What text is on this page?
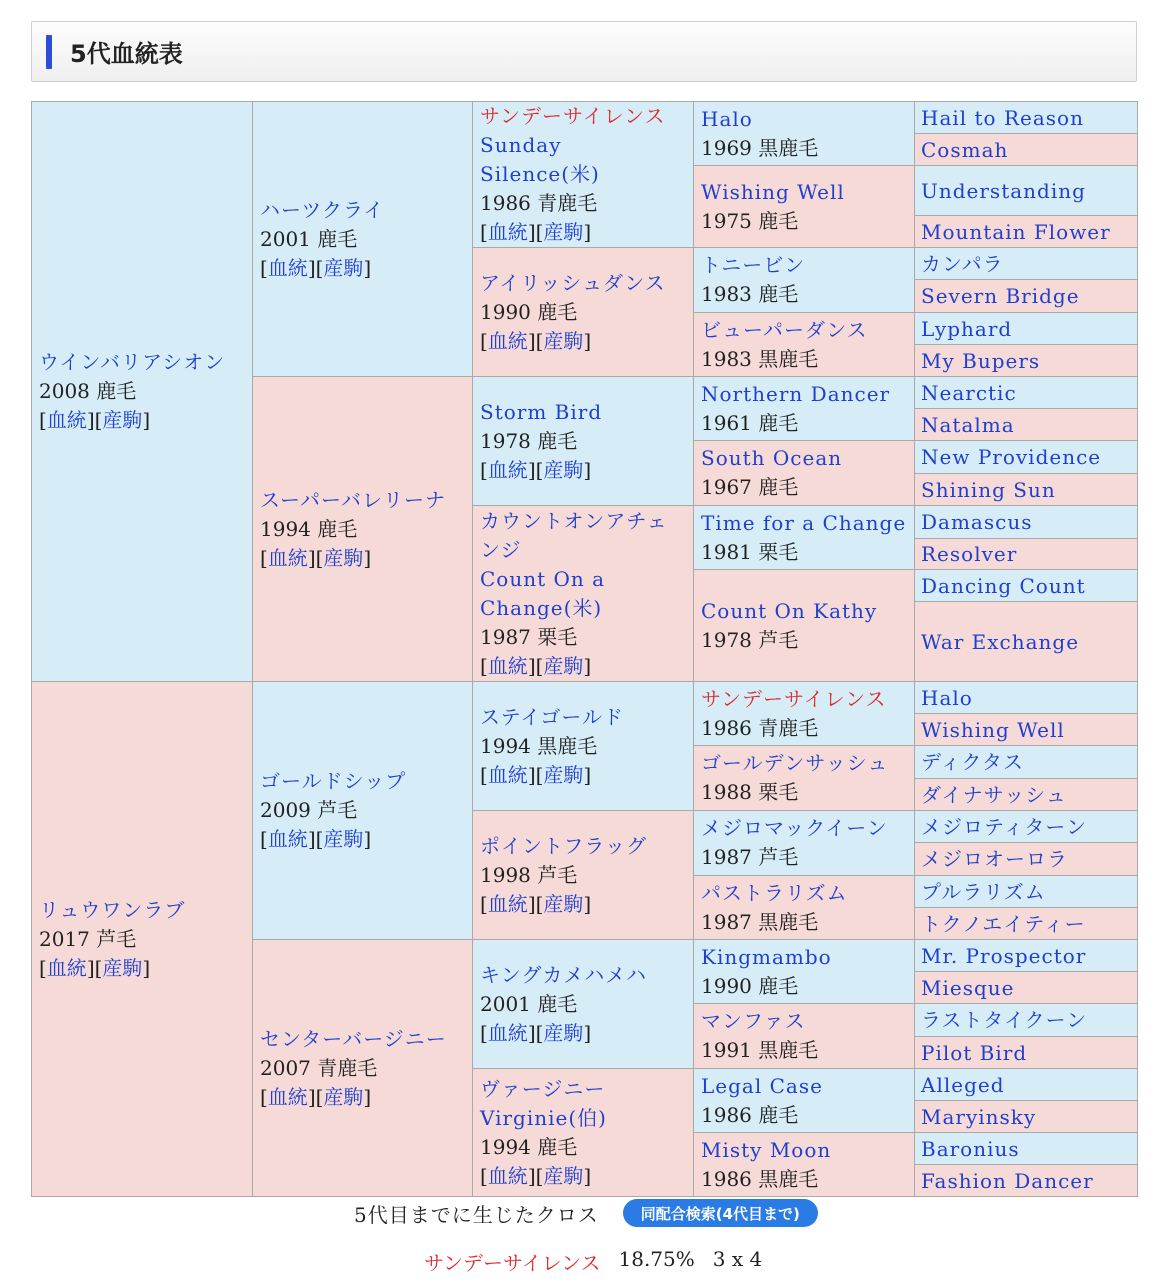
5代血統表
ウインバリアシオン
2008 鹿毛
[血統][産駒]	ハーツクライ
2001 鹿毛
[血統][産駒]	サンデーサイレンス
Sunday Silence(米)
1986 青鹿毛
[血統][産駒]	Halo
1969 黒鹿毛	Hail to Reason

				Cosmah

			Wishing Well
1975 鹿毛	Understanding

				Mountain Flower

		アイリッシュダンス
1990 鹿毛
[血統][産駒]	トニービン
1983 鹿毛	カンパラ

				Severn Bridge

			ビューパーダンス
1983 黒鹿毛	Lyphard

				My Bupers

	スーパーバレリーナ
1994 鹿毛
[血統][産駒]	Storm Bird
1978 鹿毛
[血統][産駒]	Northern Dancer
1961 鹿毛	Nearctic

				Natalma

			South Ocean
1967 鹿毛	New Providence

				Shining Sun

		カウントオンアチェンジ
Count On a Change(米)
1987 栗毛
[血統][産駒]	Time for a Change
1981 栗毛	Damascus

				Resolver

			Count On Kathy
1978 芦毛	Dancing Count

				War Exchange

リュウワンラブ
2017 芦毛
[血統][産駒]	ゴールドシップ
2009 芦毛
[血統][産駒]	ステイゴールド
1994 黒鹿毛
[血統][産駒]	サンデーサイレンス
1986 青鹿毛	Halo

				Wishing Well

			ゴールデンサッシュ
1988 栗毛	ディクタス

				ダイナサッシュ

		ポイントフラッグ
1998 芦毛
[血統][産駒]	メジロマックイーン
1987 芦毛	メジロティターン

				メジロオーロラ

			パストラリズム
1987 黒鹿毛	プルラリズム

				トクノエイティー

	センターバージニー
2007 青鹿毛
[血統][産駒]	キングカメハメハ
2001 鹿毛
[血統][産駒]	Kingmambo
1990 鹿毛	Mr. Prospector

				Miesque

			マンファス
1991 黒鹿毛	ラストタイクーン

				Pilot Bird

		ヴァージニー
Virginie(伯)
1994 鹿毛
[血統][産駒]	Legal Case
1986 鹿毛	Alleged

				Maryinsky

			Misty Moon
1986 黒鹿毛	Baronius

				Fashion Dancer
5代目までに生じたクロス	同配合検索(4代目まで)
サンデーサイレンス 18.75% 3 x 4
